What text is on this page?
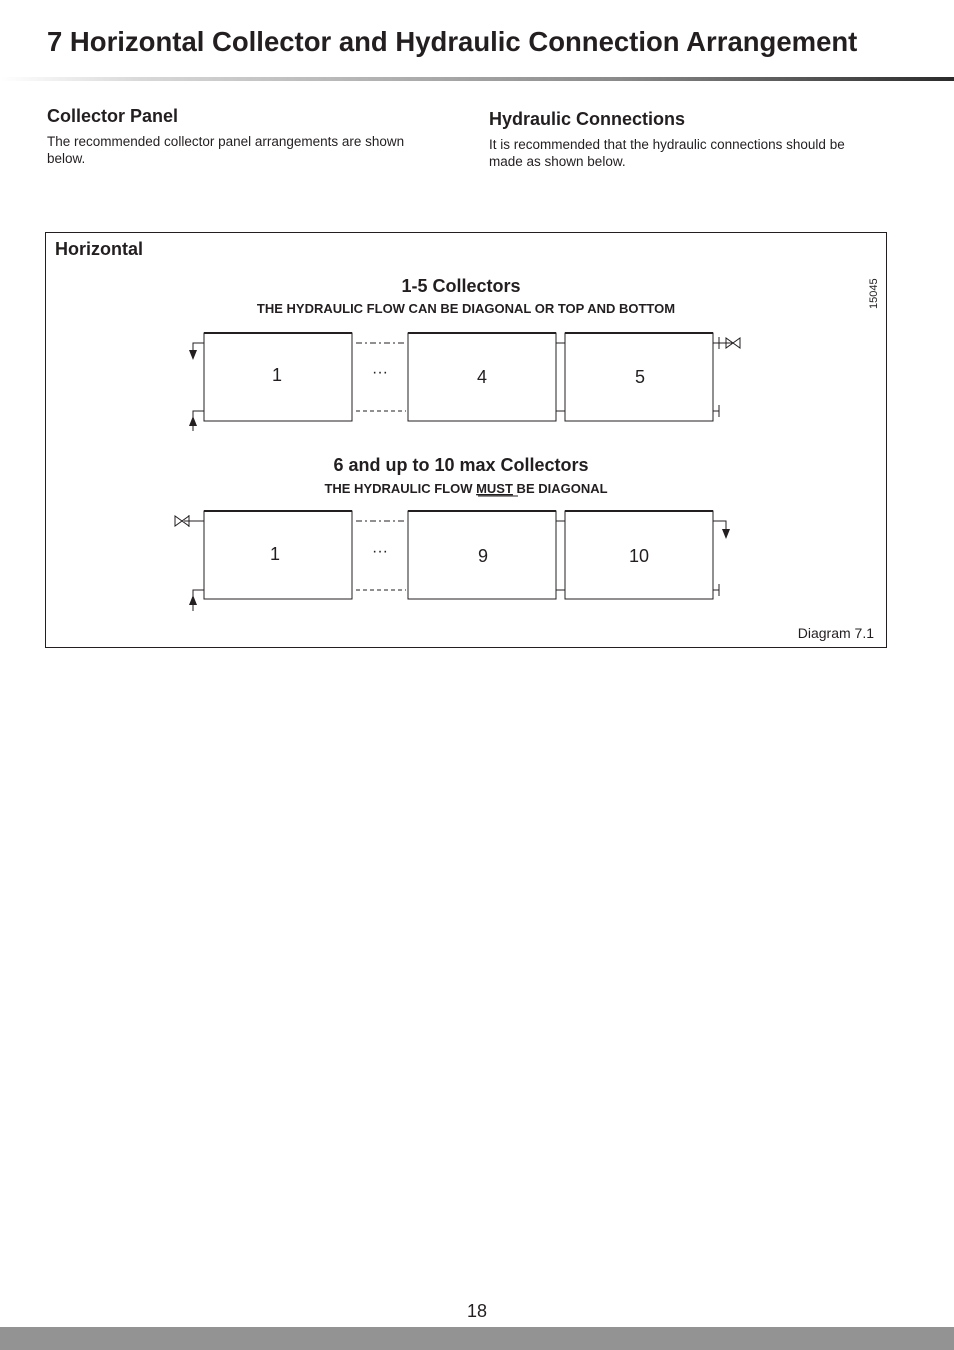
7 Horizontal Collector and Hydraulic Connection Arrangement
Collector Panel

The recommended collector panel arrangements are shown below.

Hydraulic Connections

It is recommended that the hydraulic connections should be made as shown below.

Horizontal
15045
Diagram 7.1
1-5 Collectors
THE HYDRAULIC FLOW CAN BE DIAGONAL OR TOP AND BOTTOM
1	···	4	5
6 and up to 10 max Collectors
THE HYDRAULIC FLOW MUST BE DIAGONAL
1	···	9	10
18
